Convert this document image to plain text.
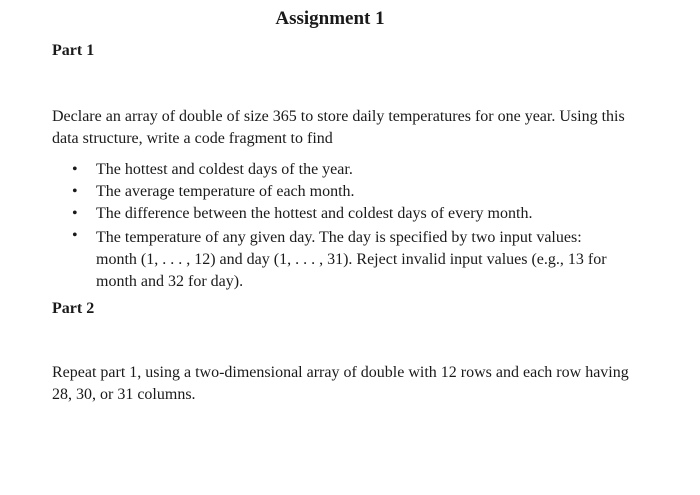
Assignment 1
Part 1
Declare an array of double of size 365 to store daily temperatures for one year. Using this data structure, write a code fragment to find
• The hottest and coldest days of the year.
• The average temperature of each month.
• The difference between the hottest and coldest days of every month.
• The temperature of any given day. The day is specified by two input values: month (1, . . . , 12) and day (1, . . . , 31). Reject invalid input values (e.g., 13 for month and 32 for day).
Part 2
Repeat part 1, using a two-dimensional array of double with 12 rows and each row having 28, 30, or 31 columns.
